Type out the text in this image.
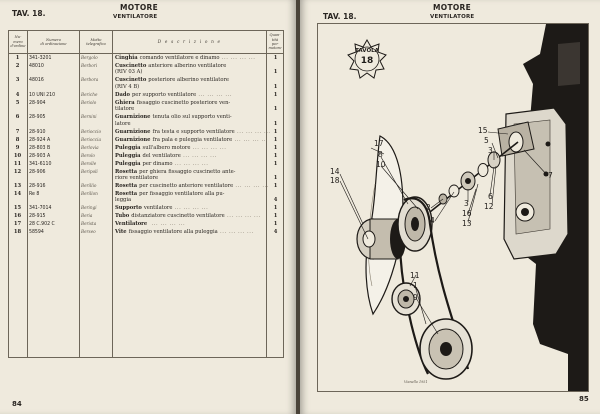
TAV. 18.
MOTORE
VENTILATORE
Nu-
mero
d'ordine
Numero
di ordinazione
Motto
telegrafico
D e s c r i z i o n e
Quan-
tità
per
motore
1	341-3201	Bergolo	Cinghia comando ventilatore e dinamo ... ... ... ...	1
2	48010	Berbori	Cuscinetto anteriore alberino ventilatore
(RIV 03 A)	1
3	48016	Berbora	Cuscinetto posteriore alberino ventilatore
(RIV 4 B)	1
4	10 UNI 210	Beriche	Dado per supporto ventilatore ... ... ... ...	1
5	28-904	Beriolo	Ghiera fissaggio cuscinetto posteriore ven-
tilatore	1
6	28-905	Bernini	Guarnizione tenuta olio sul supporto venti-
latore	1
7	28-910	Berioccio	Guarnizione fra testa e supporto ventilatore ... ... ... ... 1
8	28-924 A	Berioccia	Guarnizione fra pala e puleggia ventilatore ... ... ... ...	1
9	28-803 B	Berlovia	Puleggia sull'albero motore ... ... ... ...	1
10	28-903 A	Berolo	Puleggia del ventilatore ... ... ... ...	1
11	341-6110	Berolle	Puleggia per dinamo ... ... ... ...	1
12	28-906	Beripoli	Rosetta per ghiera fissaggio cuscinetto ante-
riore ventilatore	1
13	28-916	Berillio	Rosetta per cuscinetto anteriore ventilatore ... ... ... ... 1
14	Re 8	Berillon	Rosetta per fissaggio ventilatore alla pu-
leggia	4
15	341-7014	Beringi	Supporto ventilatore ... ... ... ...	1
16	28-915	Beria	Tubo distanziatore cuscinetto ventilatore ... ... ... ...	1
17	28 C.902 C	Berista	Ventilatore ... ... ... ...	1
18	58594	Berseo	Vite fissaggio ventilatore alla puleggia ... ... ... ...	4
84
TAV. 18.
MOTORE
VENTILATORE
TAVOLA
18
17
8
10
14
18
15
5
3
7
2
4
3
16
13
6
12
11
1
9
Vianello 1951
85
